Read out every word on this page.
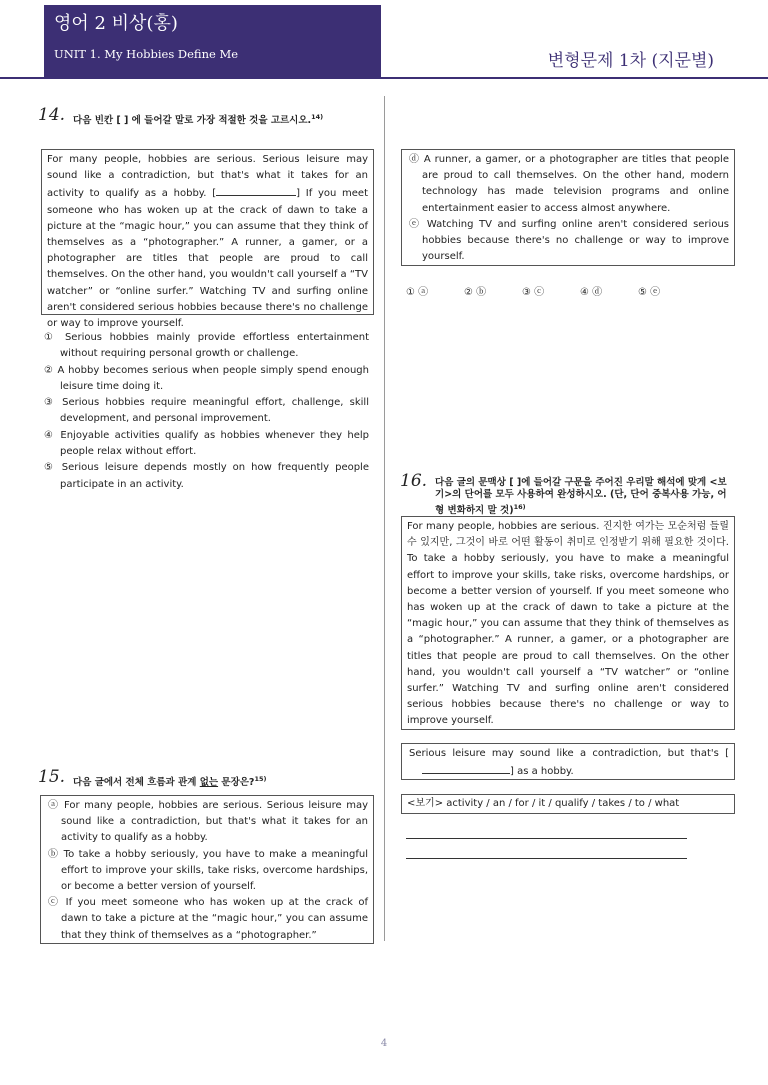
영어 2 비상(홍)
UNIT 1. My Hobbies Define Me	변형문제 1차 (지문별)
14. 다음 빈칸 [ ] 에 들어갈 말로 가장 적절한 것을 고르시오.$^{14)}$
For many people, hobbies are serious. Serious leisure may sound like a contradiction, but that's what it takes for an activity to qualify as a hobby. [	] If you meet someone who has woken up at the crack of dawn to take a picture at the “magic hour,” you can assume that they think of themselves as a “photographer.” A runner, a gamer, or a photographer are titles that people are proud to call themselves. On the other hand, you wouldn't call yourself a “TV watcher” or “online surfer.” Watching TV and surfing online aren't considered serious hobbies because there's no challenge or way to improve yourself.
① Serious hobbies mainly provide effortless entertainment without requiring personal growth or challenge.
② A hobby becomes serious when people simply spend enough leisure time doing it.
③ Serious hobbies require meaningful effort, challenge, skill development, and personal improvement.
④ Enjoyable activities qualify as hobbies whenever they help people relax without effort.
⑤ Serious leisure depends mostly on how frequently people participate in an activity.
15. 다음 글에서 전체 흐름과 관계 없는 문장은?$^{15)}$
ⓐ For many people, hobbies are serious. Serious leisure may sound like a contradiction, but that's what it takes for an activity to qualify as a hobby.
ⓑ To take a hobby seriously, you have to make a meaningful effort to improve your skills, take risks, overcome hardships, or become a better version of yourself.
ⓒ If you meet someone who has woken up at the crack of dawn to take a picture at the “magic hour,” you can assume that they think of themselves as a “photographer.”
ⓓ A runner, a gamer, or a photographer are titles that people are proud to call themselves. On the other hand, modern technology has made television programs and online entertainment easier to access almost anywhere.
ⓔ Watching TV and surfing online aren't considered serious hobbies because there's no challenge or way to improve yourself.
① ⓐ	② ⓑ	③ ⓒ	④ ⓓ	⑤ ⓔ
16. 다음 글의 문맥상 [ ]에 들어갈 구문을 주어진 우리말 해석에 맞게 <보기>의 단어를 모두 사용하여 완성하시오. (단, 단어 중복사용 가능, 어형 변화하지 말 것)$^{16)}$
For many people, hobbies are serious. 진지한 여가는 모순처럼 들릴 수 있지만, 그것이 바로 어떤 활동이 취미로 인정받기 위해 필요한 것이다. To take a hobby seriously, you have to make a meaningful effort to improve your skills, take risks, overcome hardships, or become a better version of yourself. If you meet someone who has woken up at the crack of dawn to take a picture at the “magic hour,” you can assume that they think of themselves as a “photographer.” A runner, a gamer, or a photographer are titles that people are proud to call themselves. On the other hand, you wouldn't call yourself a “TV watcher” or “online surfer.” Watching TV and surfing online aren't considered serious hobbies because there's no challenge or way to improve yourself.
Serious leisure may sound like a contradiction, but that's [] as a hobby.
<보기> activity / an / for / it / qualify / takes / to / what
4
